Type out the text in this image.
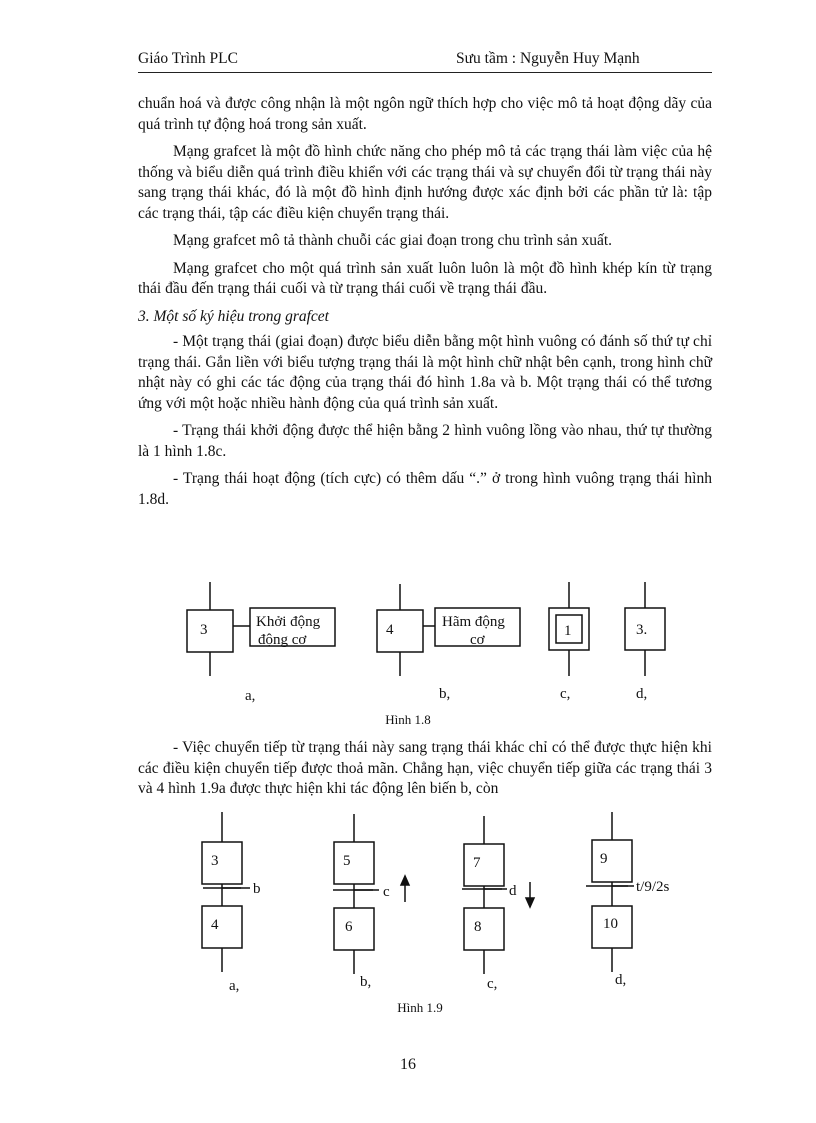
Giáo Trình PLC	Sưu tầm : Nguyễn Huy Mạnh

chuẩn hoá và được công nhận là một ngôn ngữ thích hợp cho việc mô tả hoạt động dãy của quá trình tự động hoá trong sản xuất.

Mạng grafcet là một đồ hình chức năng cho phép mô tả các trạng thái làm việc của hệ thống và biểu diễn quá trình điều khiển với các trạng thái và sự chuyển đổi từ trạng thái này sang trạng thái khác, đó là một đồ hình định hướng được xác định bởi các phần tử là: tập các trạng thái, tập các điều kiện chuyển trạng thái.

Mạng grafcet mô tả thành chuỗi các giai đoạn trong chu trình sản xuất.

Mạng grafcet cho một quá trình sản xuất luôn luôn là một đồ hình khép kín từ trạng thái đầu đến trạng thái cuối và từ trạng thái cuối về trạng thái đầu.

3. Một số ký hiệu trong grafcet

- Một trạng thái (giai đoạn) được biểu diễn bằng một hình vuông có đánh số thứ tự chỉ trạng thái. Gắn liền với biểu tượng trạng thái là một hình chữ nhật bên cạnh, trong hình chữ nhật này có ghi các tác động của trạng thái đó hình 1.8a và b. Một trạng thái có thể tương ứng với một hoặc nhiều hành động của quá trình sản xuất.

- Trạng thái khởi động được thể hiện bằng 2 hình vuông lồng vào nhau, thứ tự thường là 1 hình 1.8c.

- Trạng thái hoạt động (tích cực) có thêm dấu “.” ở trong hình vuông trạng thái hình 1.8d.

3	Khởi động
động cơ
4	Hãm động
cơ
1	3.
a,	b,	c,	d,
Hình 1.8

- Việc chuyển tiếp từ trạng thái này sang trạng thái khác chỉ có thể được thực hiện khi các điều kiện chuyển tiếp được thoả mãn. Chẳng hạn, việc chuyển tiếp giữa các trạng thái 3 và 4 hình 1.9a được thực hiện khi tác động lên biến b, còn

3
4
b
5
6
c
7
8
d
9
10
t/9/2s
a,	b,	c,	d,
Hình 1.9
16
